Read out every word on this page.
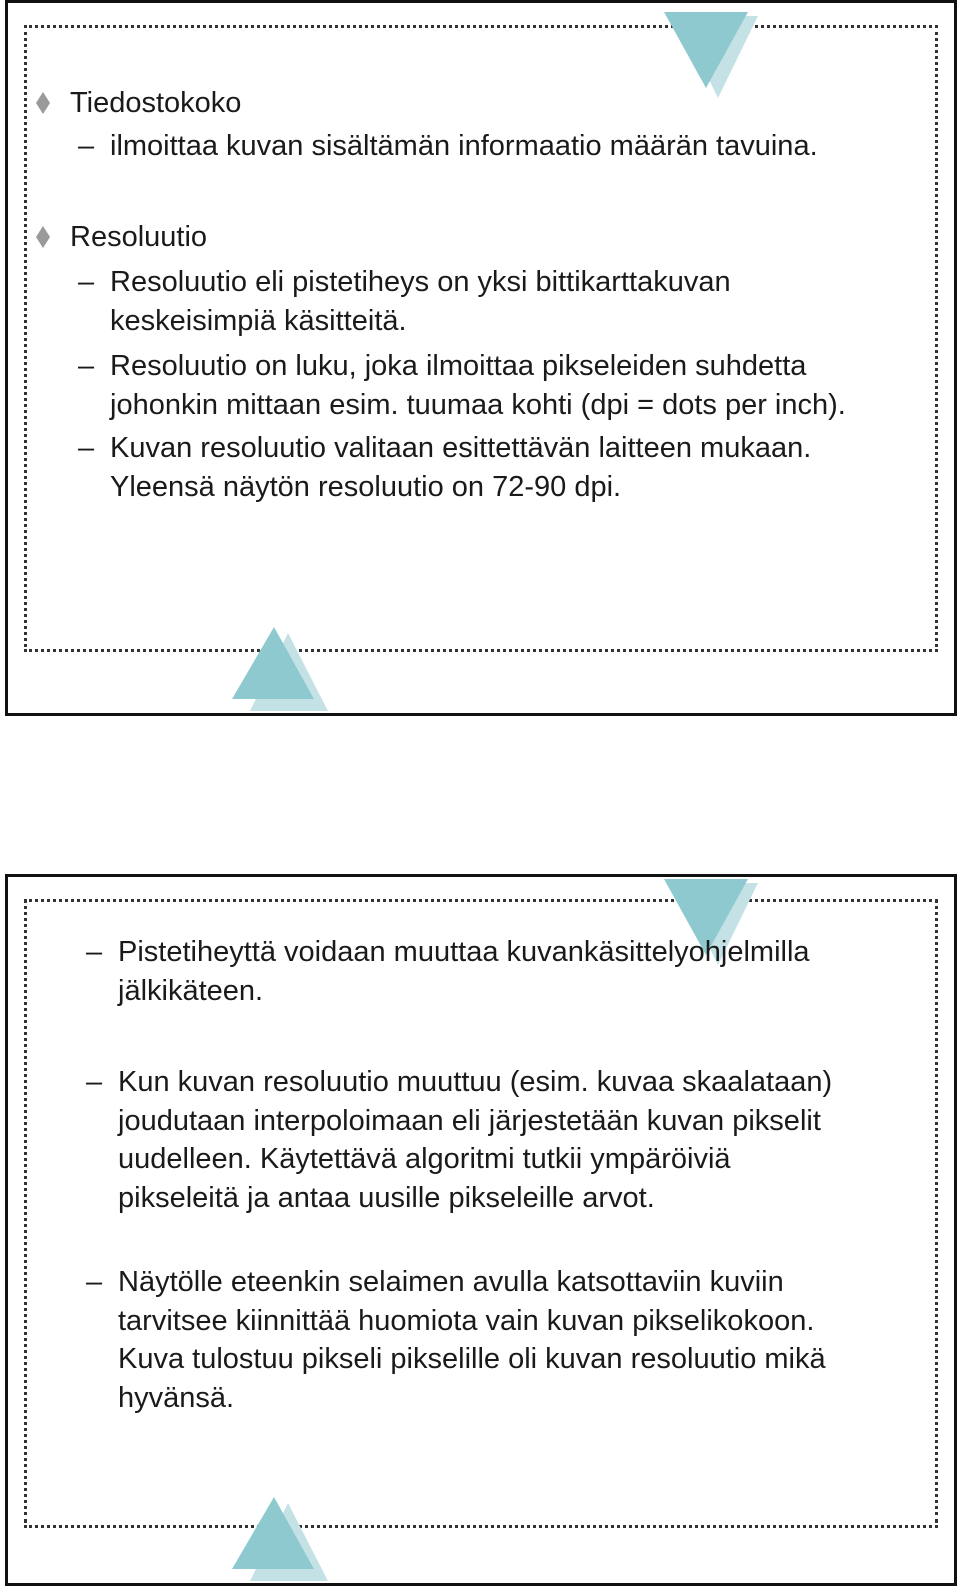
Tiedostokoko
– ilmoittaa kuvan sisältämän informaatio määrän tavuina.
Resoluutio
– Resoluutio eli pistetiheys on yksi bittikarttakuvan
keskeisimpiä käsitteitä.
– Resoluutio on luku, joka ilmoittaa pikseleiden suhdetta
johonkin mittaan esim. tuumaa kohti (dpi = dots per inch).
– Kuvan resoluutio valitaan esittettävän laitteen mukaan.
Yleensä näytön resoluutio on 72-90 dpi.
– Pistetiheyttä voidaan muuttaa kuvankäsittelyohjelmilla
jälkikäteen.
– Kun kuvan resoluutio muuttuu (esim. kuvaa skaalataan)
joudutaan interpoloimaan eli järjestetään kuvan pikselit
uudelleen. Käytettävä algoritmi tutkii ympäröiviä
pikseleitä ja antaa uusille pikseleille arvot.
– Näytölle eteenkin selaimen avulla katsottaviin kuviin
tarvitsee kiinnittää huomiota vain kuvan pikselikokoon.
Kuva tulostuu pikseli pikselille oli kuvan resoluutio mikä
hyvänsä.
